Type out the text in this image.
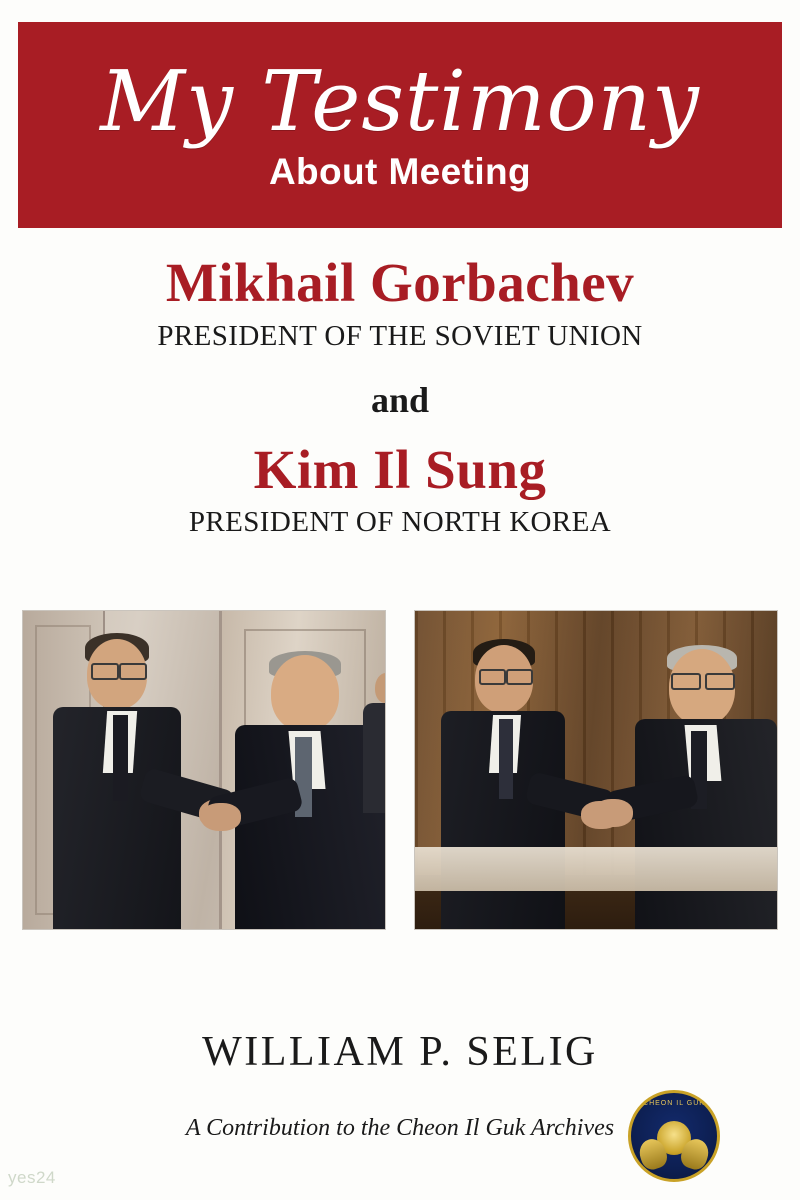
My Testimony
About Meeting
Mikhail Gorbachev
PRESIDENT OF THE SOVIET UNION
and
Kim Il Sung
PRESIDENT OF NORTH KOREA
WILLIAM P. SELIG
A Contribution to the Cheon Il Guk Archives
CHEON IL GUK
yes24
